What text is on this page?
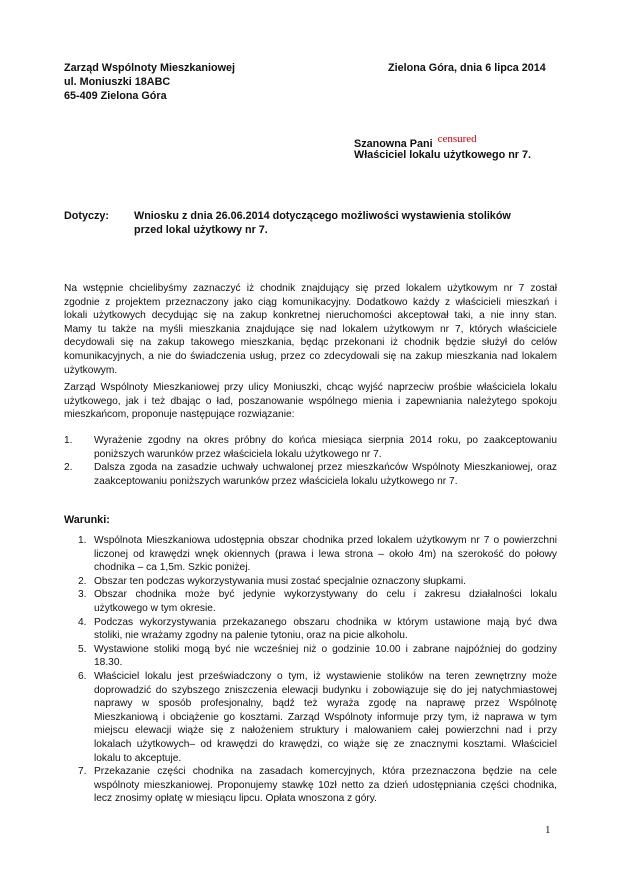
Zarząd Wspólnoty Mieszkaniowej
ul. Moniuszki 18ABC
65-409 Zielona Góra
Zielona Góra, dnia 6 lipca 2014
Szanowna Pani censured
Właściciel lokalu użytkowego nr 7.
Dotyczy: Wniosku z dnia 26.06.2014 dotyczącego możliwości wystawienia stolików
przed lokal użytkowy nr 7.
Na wstępnie chcielibyśmy zaznaczyć iż chodnik znajdujący się przed lokalem użytkowym nr 7 został
zgodnie z projektem przeznaczony jako ciąg komunikacyjny. Dodatkowo każdy z właścicieli mieszkań i
lokali użytkowych decydując się na zakup konkretnej nieruchomości akceptował taki, a nie inny stan.
Mamy tu także na myśli mieszkania znajdujące się nad lokalem użytkowym nr 7, których właściciele
decydowali się na zakup takowego mieszkania, będąc przekonani iż chodnik będzie służył do celów
komunikacyjnych, a nie do świadczenia usług, przez co zdecydowali się na zakup mieszkania nad lokalem
użytkowym.
Zarząd Wspólnoty Mieszkaniowej przy ulicy Moniuszki, chcąc wyjść naprzeciw prośbie właściciela lokalu
użytkowego, jak i też dbając o ład, poszanowanie wspólnego mienia i zapewniania należytego spokoju
mieszkańcom, proponuje następujące rozwiązanie:
1. Wyrażenie zgodny na okres próbny do końca miesiąca sierpnia 2014 roku, po zaakceptowaniu
poniższych warunków przez właściciela lokalu użytkowego nr 7.
2. Dalsza zgoda na zasadzie uchwały uchwalonej przez mieszkańców Wspólnoty Mieszkaniowej, oraz
zaakceptowaniu poniższych warunków przez właściciela lokalu użytkowego nr 7.
Warunki:
1. Wspólnota Mieszkaniowa udostępnia obszar chodnika przed lokalem użytkowym nr 7 o powierzchni
liczonej od krawędzi wnęk okiennych (prawa i lewa strona – około 4m) na szerokość do połowy
chodnika – ca 1,5m. Szkic poniżej.
2. Obszar ten podczas wykorzystywania musi zostać specjalnie oznaczony słupkami.
3. Obszar chodnika może być jedynie wykorzystywany do celu i zakresu działalności lokalu
użytkowego w tym okresie.
4. Podczas wykorzystywania przekazanego obszaru chodnika w którym ustawione mają być dwa
stoliki, nie wrażamy zgodny na palenie tytoniu, oraz na picie alkoholu.
5. Wystawione stoliki mogą być nie wcześniej niż o godzinie 10.00 i zabrane najpóźniej do godziny
18.30.
6. Właściciel lokalu jest przeświadczony o tym, iż wystawienie stolików na teren zewnętrzny może
doprowadzić do szybszego zniszczenia elewacji budynku i zobowiązuje się do jej natychmiastowej
naprawy w sposób profesjonalny, bądź też wyraża zgodę na naprawę przez Wspólnotę
Mieszkaniową i obciążenie go kosztami. Zarząd Wspólnoty informuje przy tym, iż naprawa w tym
miejscu elewacji wiąże się z nałożeniem struktury i malowaniem całej powierzchni nad i przy
lokalach użytkowych– od krawędzi do krawędzi, co wiąże się ze znacznymi kosztami. Właściciel
lokalu to akceptuje.
7. Przekazanie części chodnika na zasadach komercyjnych, która przeznaczona będzie na cele
wspólnoty mieszkaniowej. Proponujemy stawkę 10zł netto za dzień udostępniania części chodnika,
lecz znosimy opłatę w miesiącu lipcu. Opłata wnoszona z góry.
1
